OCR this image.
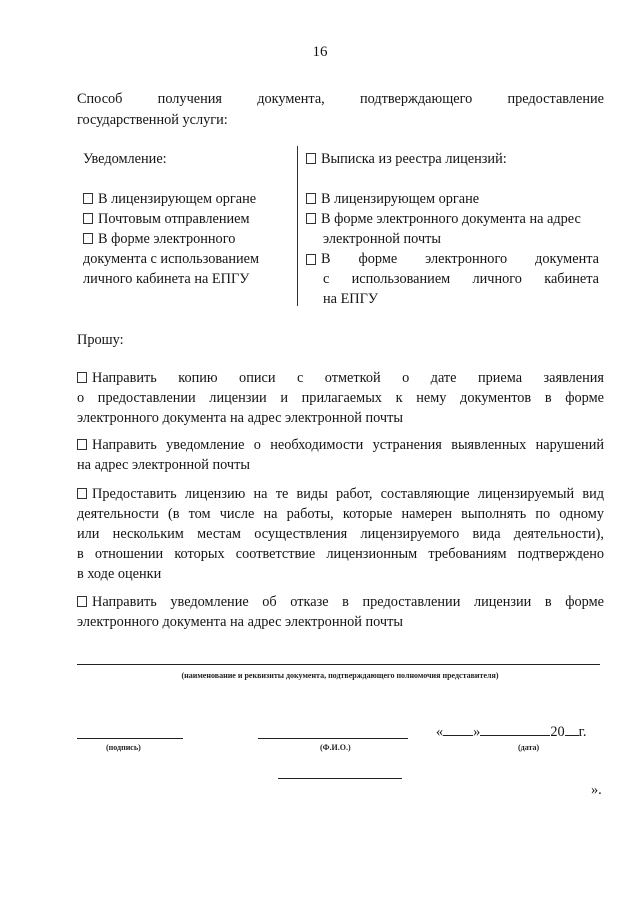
16
Способ получения документа, подтверждающего предоставление
государственной услуги:
Уведомление:
В лицензирующем органе
Почтовым отправлением
В форме электронного
документа с использованием
личного кабинета на ЕПГУ
Выписка из реестра лицензий:
В лицензирующем органе
В форме электронного документа на адрес
электронной почты
В форме электронного документа
с использованием личного кабинета
на ЕПГУ
Прошу:
Направить копию описи с отметкой о дате приема заявления
о предоставлении лицензии и прилагаемых к нему документов в форме
электронного документа на адрес электронной почты
Направить уведомление о необходимости устранения выявленных нарушений
на адрес электронной почты
Предоставить лицензию на те виды работ, составляющие лицензируемый вид
деятельности (в том числе на работы, которые намерен выполнять по одному
или нескольким местам осуществления лицензируемого вида деятельности),
в отношении которых соответствие лицензионным требованиям подтверждено
в ходе оценки
Направить уведомление об отказе в предоставлении лицензии в форме
электронного документа на адрес электронной почты
(наименование и реквизиты документа, подтверждающего полномочия представителя)
(подпись)	(Ф.И.О.)
« »	20 г.
(дата)
».
